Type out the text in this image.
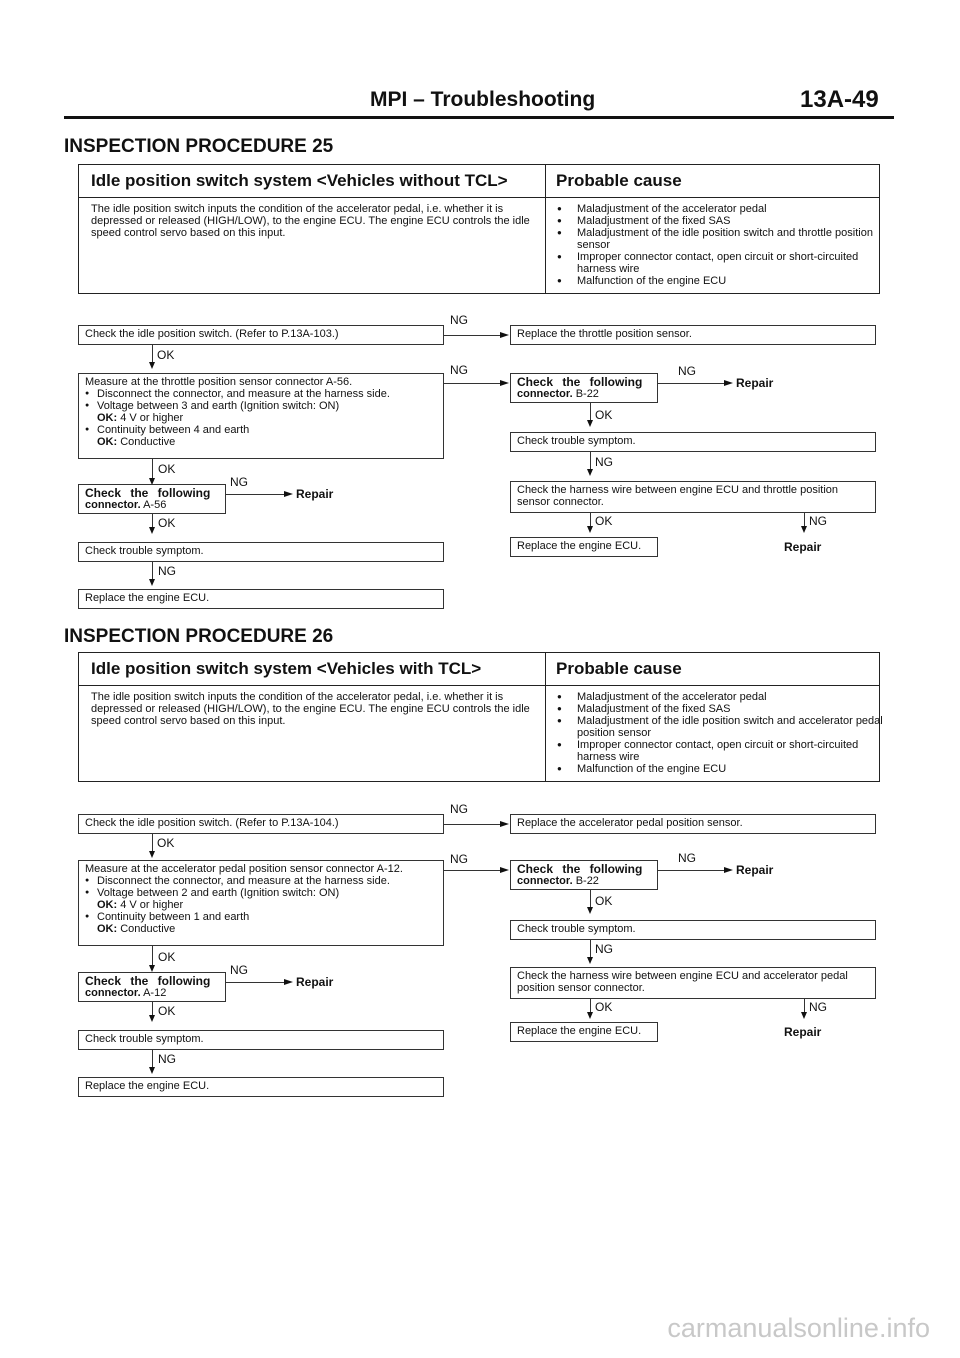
MPI – Troubleshooting	13A-49
INSPECTION PROCEDURE 25
Idle position switch system <Vehicles without TCL>	Probable cause
The idle position switch inputs the condition of the accelerator pedal, i.e. whether it is depressed or released (HIGH/LOW), to the engine ECU. The engine ECU controls the idle speed control servo based on this input.
● Maladjustment of the accelerator pedal
● Maladjustment of the fixed SAS
● Maladjustment of the idle position switch and throttle position sensor
● Improper connector contact, open circuit or short-circuited harness wire
● Malfunction of the engine ECU
Check the idle position switch. (Refer to P.13A-103.)
NG
Replace the throttle position sensor.
OK
Measure at the throttle position sensor connector A-56.
● Disconnect the connector, and measure at the harness side.
● Voltage between 3 and earth (Ignition switch: ON)
OK: 4 V or higher
● Continuity between 4 and earth
OK: Conductive
NG
Check the following
connector. B-22
NG
Repair
OK
Check trouble symptom.
NG
Check the harness wire between engine ECU and throttle position sensor connector.
OK	NG
Replace the engine ECU.	Repair
OK
Check the following
connector. A-56
NG
Repair
OK
Check trouble symptom.
NG
Replace the engine ECU.
INSPECTION PROCEDURE 26
Idle position switch system <Vehicles with TCL>	Probable cause
The idle position switch inputs the condition of the accelerator pedal, i.e. whether it is depressed or released (HIGH/LOW), to the engine ECU. The engine ECU controls the idle speed control servo based on this input.
● Maladjustment of the accelerator pedal
● Maladjustment of the fixed SAS
● Maladjustment of the idle position switch and accelerator pedal position sensor
● Improper connector contact, open circuit or short-circuited harness wire
● Malfunction of the engine ECU
Check the idle position switch. (Refer to P.13A-104.)
NG
Replace the accelerator pedal position sensor.
OK
Measure at the accelerator pedal position sensor connector A-12.
● Disconnect the connector, and measure at the harness side.
● Voltage between 2 and earth (Ignition switch: ON)
OK: 4 V or higher
● Continuity between 1 and earth
OK: Conductive
NG
Check the following
connector. B-22
NG
Repair
OK
Check trouble symptom.
NG
Check the harness wire between engine ECU and accelerator pedal position sensor connector.
OK	NG
Replace the engine ECU.	Repair
OK
Check the following
connector. A-12
NG
Repair
OK
Check trouble symptom.
NG
Replace the engine ECU.
carmanualsonline.info
